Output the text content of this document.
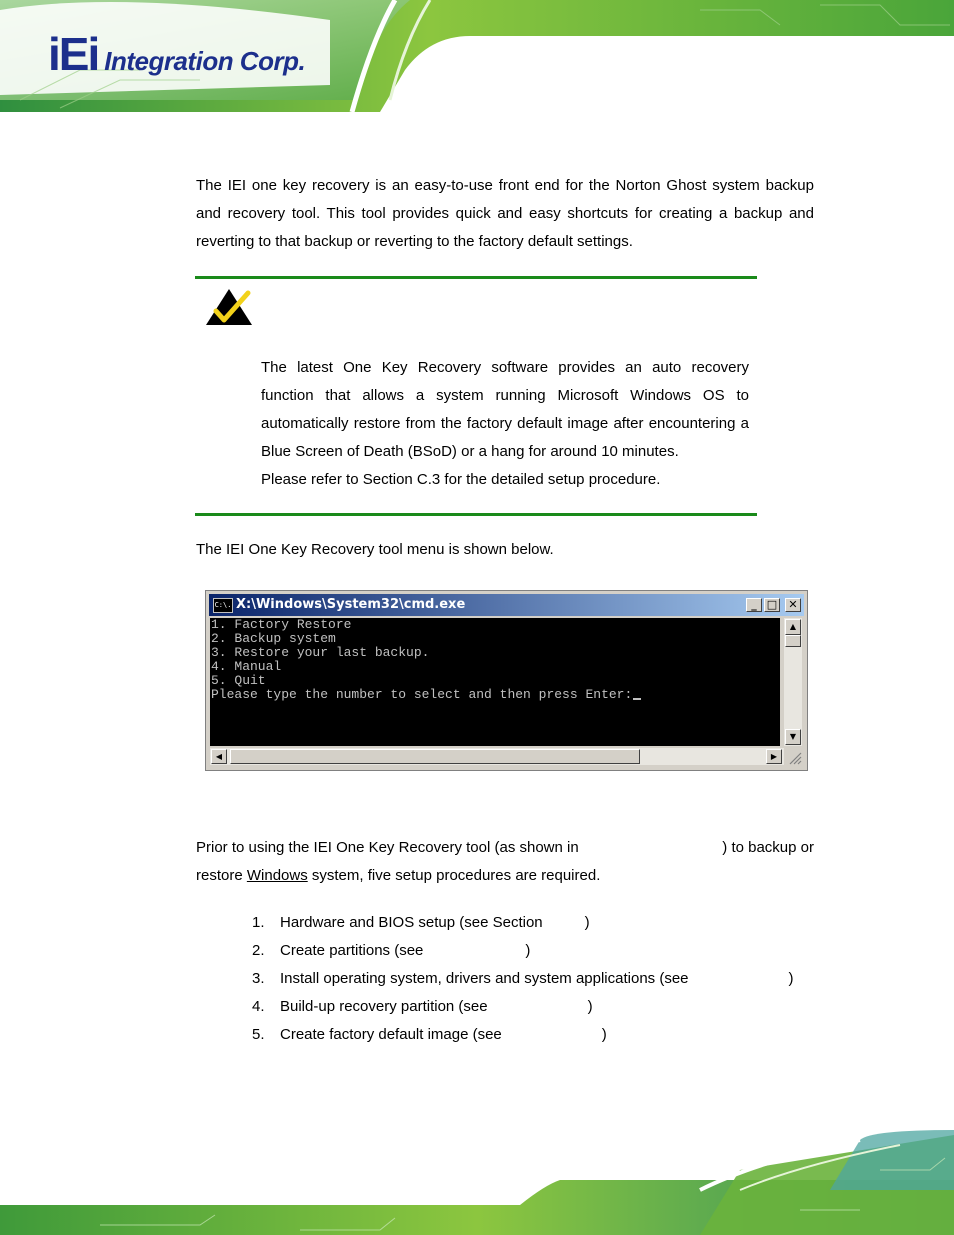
iEi Integration Corp.
The IEI one key recovery is an easy-to-use front end for the Norton Ghost system backup and recovery tool. This tool provides quick and easy shortcuts for creating a backup and reverting to that backup or reverting to the factory default settings.
The latest One Key Recovery software provides an auto recovery function that allows a system running Microsoft Windows OS to automatically restore from the factory default image after encountering a Blue Screen of Death (BSoD) or a hang for around 10 minutes.
Please refer to Section C.3 for the detailed setup procedure.
The IEI One Key Recovery tool menu is shown below.
C:\. X:\Windows\System32\cmd.exe	_ □	✕
1. Factory Restore
2. Backup system
3. Restore your last backup.
4. Manual
5. Quit
Please type the number to select and then press Enter:
▲
▼
◀	▶
Prior to using the IEI One Key Recovery tool (as shown in	) to backup or
restore Windows system, five setup procedures are required.
1.	Hardware and BIOS setup (see Section	)
2.	Create partitions (see	)
3.	Install operating system, drivers and system applications (see	)
4.	Build-up recovery partition (see	)
5.	Create factory default image (see	)
